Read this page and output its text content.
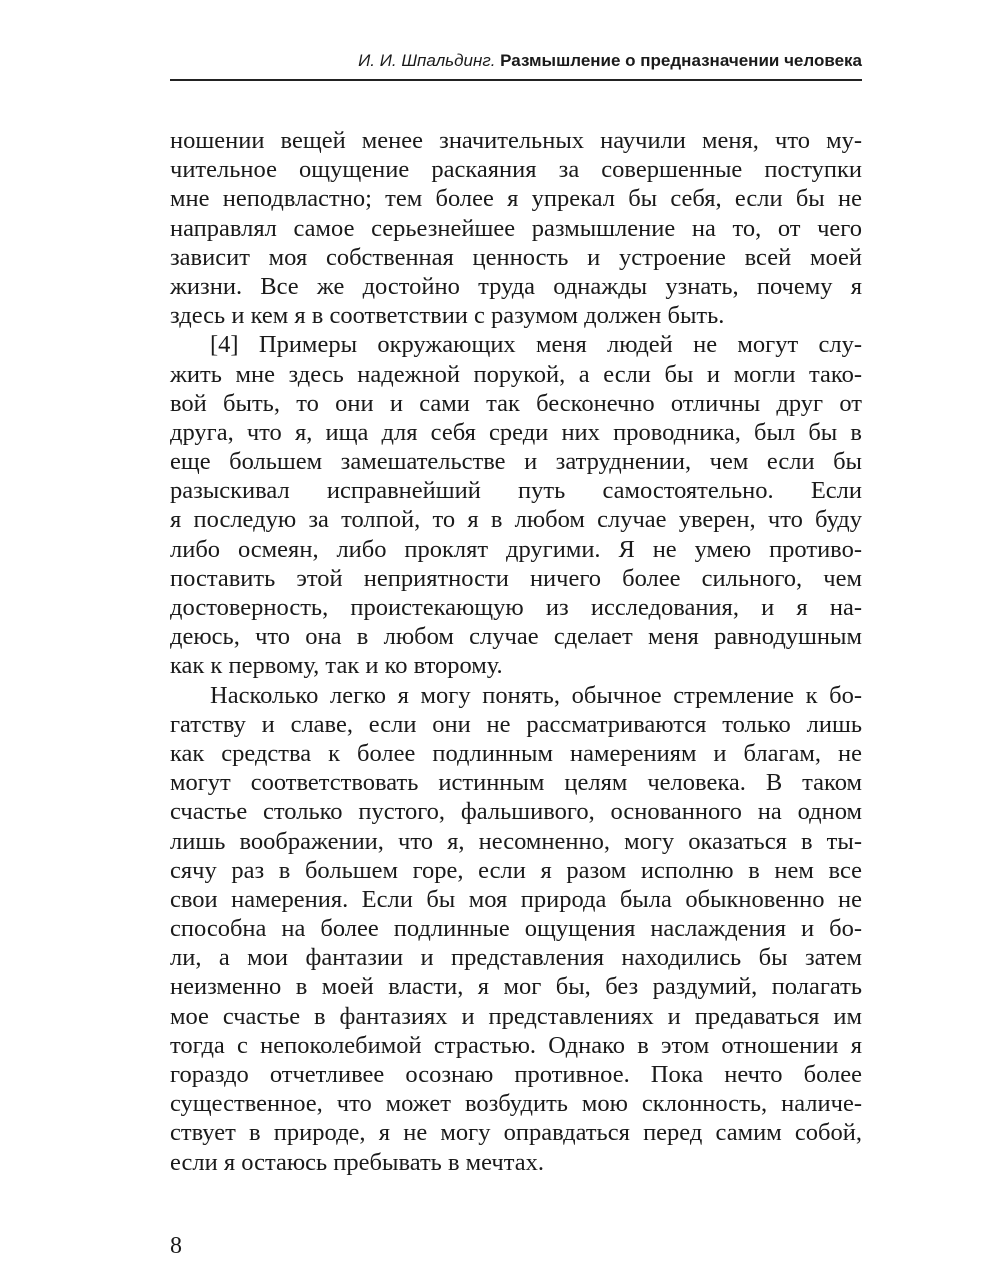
И. И. Шпальдинг. Размышление о предназначении человека
ношении вещей менее значительных научили меня, что му-
чительное ощущение раскаяния за совершенные поступки
мне неподвластно; тем более я упрекал бы себя, если бы не
направлял самое серьезнейшее размышление на то, от чего
зависит моя собственная ценность и устроение всей моей
жизни. Все же достойно труда однажды узнать, почему я
здесь и кем я в соответствии с разумом должен быть.
[4] Примеры окружающих меня людей не могут слу-
жить мне здесь надежной порукой, а если бы и могли тако-
вой быть, то они и сами так бесконечно отличны друг от
друга, что я, ища для себя среди них проводника, был бы в
еще большем замешательстве и затруднении, чем если бы
разыскивал исправнейший путь самостоятельно. Если
я последую за толпой, то я в любом случае уверен, что буду
либо осмеян, либо проклят другими. Я не умею противо-
поставить этой неприятности ничего более сильного, чем
достоверность, проистекающую из исследования, и я на-
деюсь, что она в любом случае сделает меня равнодушным
как к первому, так и ко второму.
Насколько легко я могу понять, обычное стремление к бо-
гатству и славе, если они не рассматриваются только лишь
как средства к более подлинным намерениям и благам, не
могут соответствовать истинным целям человека. В таком
счастье столько пустого, фальшивого, основанного на одном
лишь воображении, что я, несомненно, могу оказаться в ты-
сячу раз в большем горе, если я разом исполню в нем все
свои намерения. Если бы моя природа была обыкновенно не
способна на более подлинные ощущения наслаждения и бо-
ли, а мои фантазии и представления находились бы затем
неизменно в моей власти, я мог бы, без раздумий, полагать
мое счастье в фантазиях и представлениях и предаваться им
тогда с непоколебимой страстью. Однако в этом отношении я
гораздо отчетливее осознаю противное. Пока нечто более
существенное, что может возбудить мою склонность, наличе-
ствует в природе, я не могу оправдаться перед самим собой,
если я остаюсь пребывать в мечтах.
8
